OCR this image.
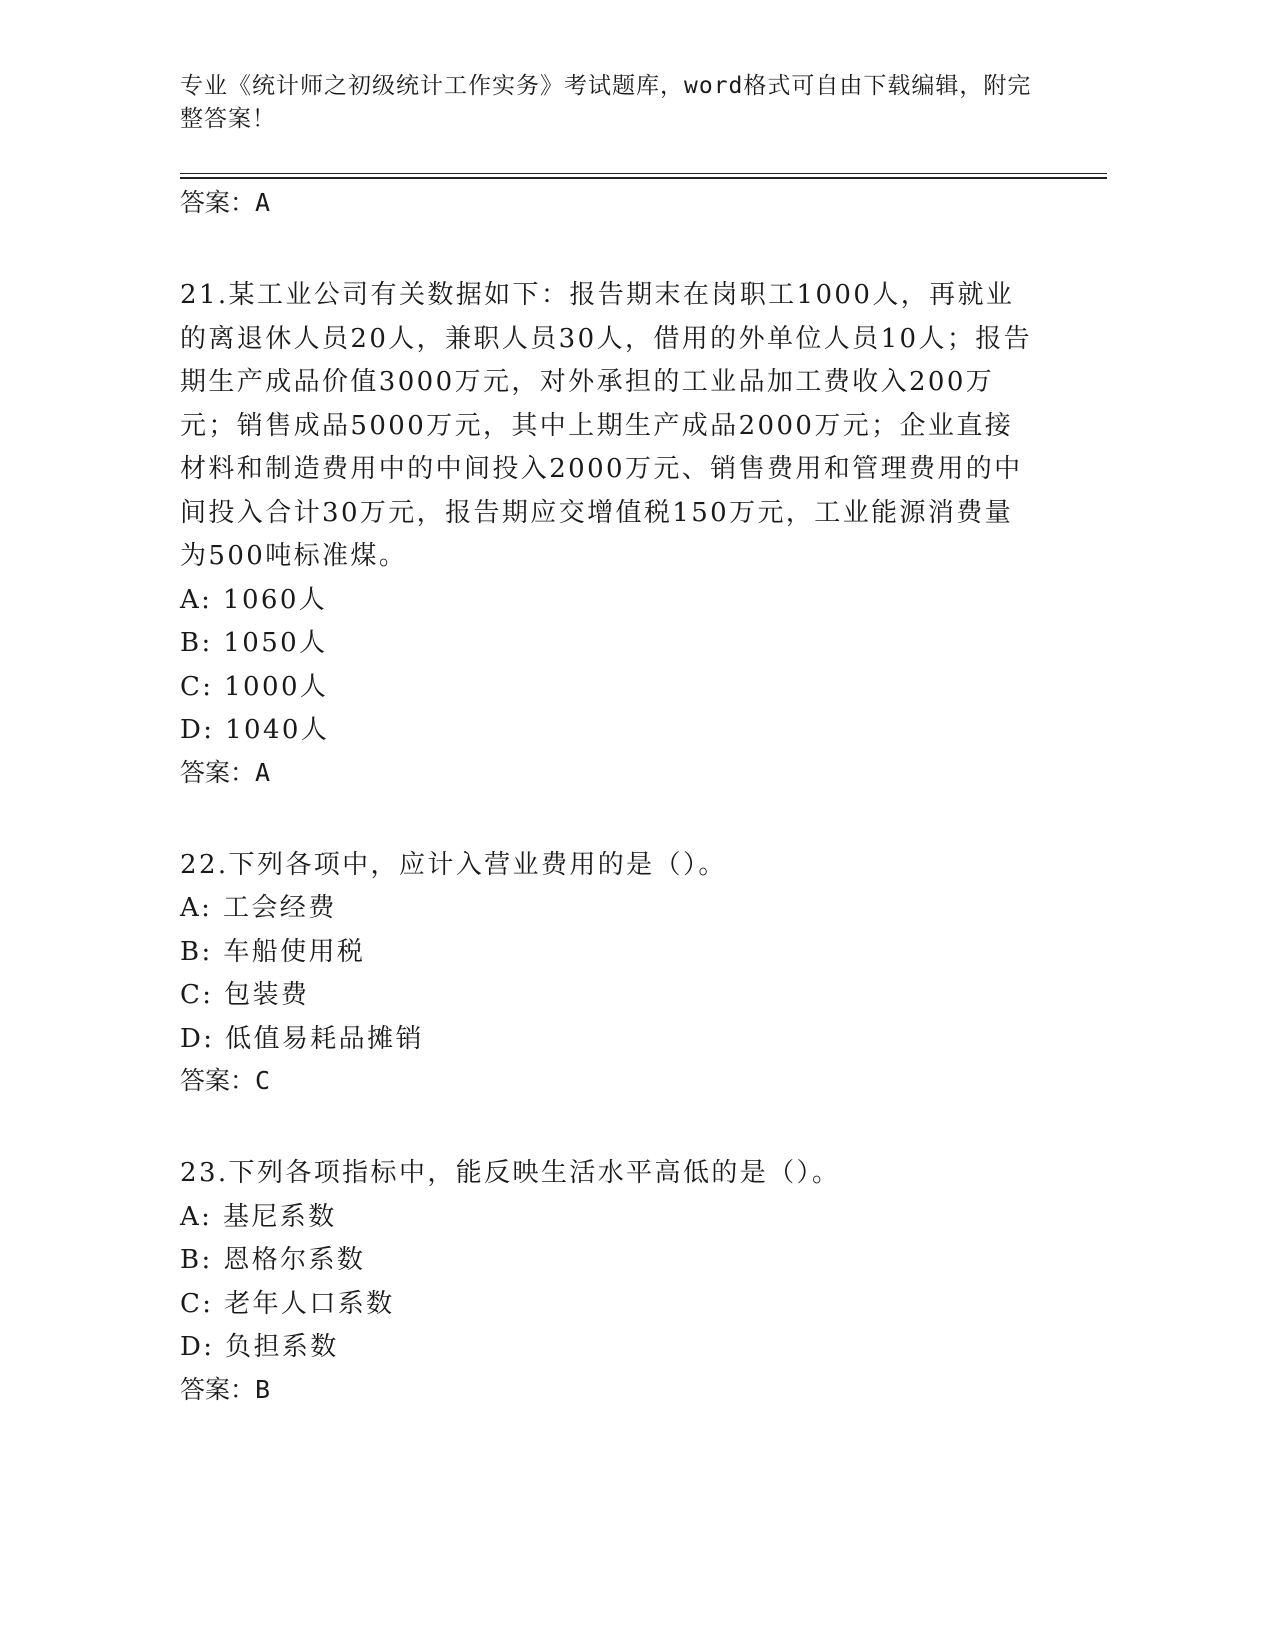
专业《统计师之初级统计工作实务》考试题库，word格式可自由下载编辑，附完整答案！
答案：A

21.某工业公司有关数据如下：报告期末在岗职工1000人，再就业的离退休人员20人，兼职人员30人，借用的外单位人员10人；报告期生产成品价值3000万元，对外承担的工业品加工费收入200万元；销售成品5000万元，其中上期生产成品2000万元；企业直接材料和制造费用中的中间投入2000万元、销售费用和管理费用的中间投入合计30万元，报告期应交增值税150万元，工业能源消费量为500吨标准煤。

A: 1060人
B: 1050人
C: 1000人
D: 1040人
答案：A

22.下列各项中，应计入营业费用的是（）。

A: 工会经费
B: 车船使用税
C: 包装费
D: 低值易耗品摊销
答案：C

23.下列各项指标中，能反映生活水平高低的是（）。

A: 基尼系数
B: 恩格尔系数
C: 老年人口系数
D: 负担系数
答案：B
